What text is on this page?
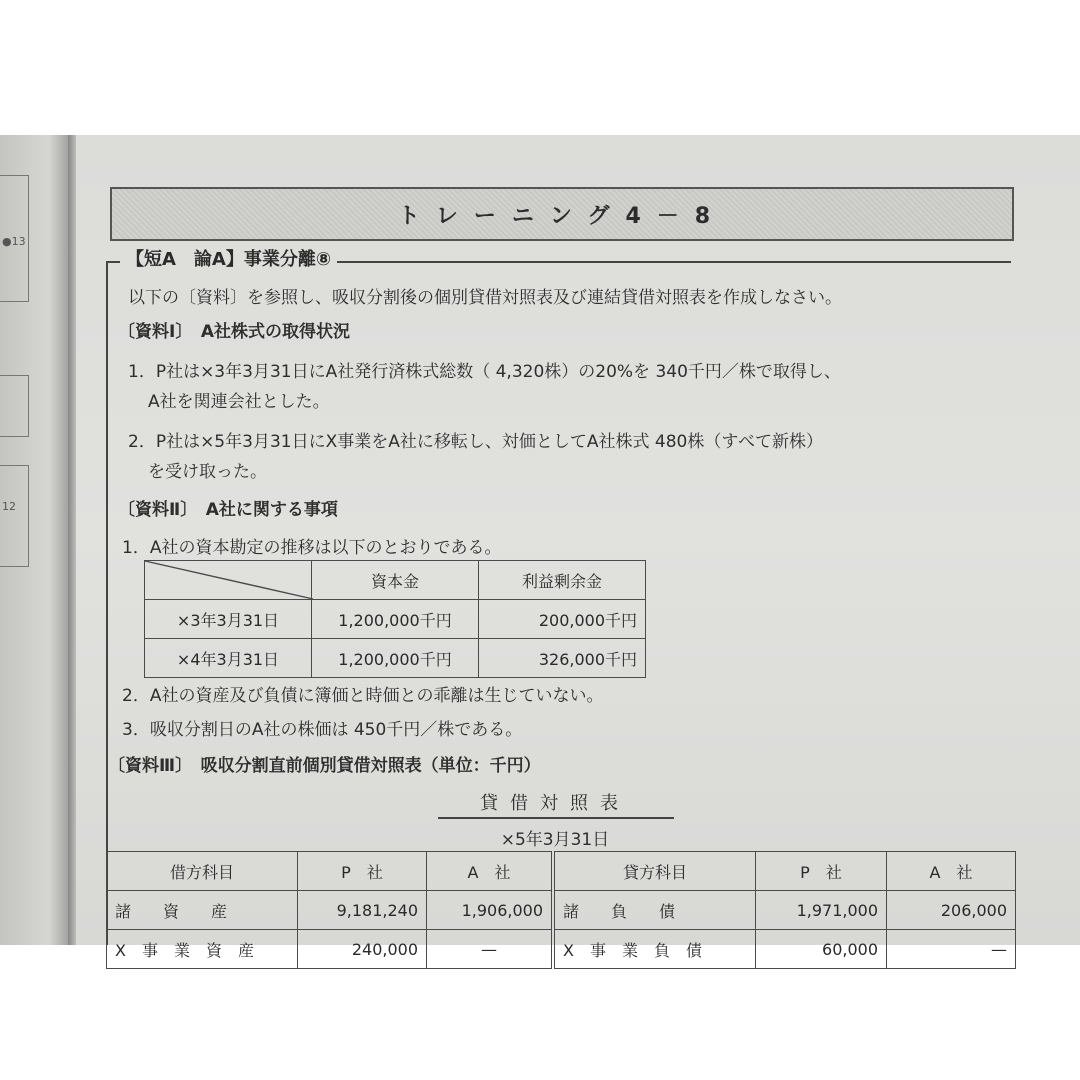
●13
12
トレーニング4－8
【短A　論A】事業分離⑧
以下の〔資料〕を参照し、吸収分割後の個別貸借対照表及び連結貸借対照表を作成しなさい。
〔資料Ⅰ〕　A社株式の取得状況
1．P社は×3年3月31日にA社発行済株式総数（ 4,320株）の20%を 340千円／株で取得し、
A社を関連会社とした。
2．P社は×5年3月31日にX事業をA社に移転し、対価としてA社株式 480株（すべて新株）
を受け取った。
〔資料Ⅱ〕　A社に関する事項
1．A社の資本勘定の推移は以下のとおりである。
	資本金	利益剰余金
×3年3月31日	1,200,000千円	200,000千円
×4年3月31日	1,200,000千円	326,000千円
2．A社の資産及び負債に簿価と時価との乖離は生じていない。
3．吸収分割日のA社の株価は 450千円／株である。
〔資料Ⅲ〕　吸収分割直前個別貸借対照表（単位：千円）
貸借対照表
×5年3月31日
借方科目	P　社	A　社	貸方科目	P　社	A　社
諸　　資　　産	9,181,240	1,906,000	諸　　負　　債	1,971,000	206,000
X　事　業　資　産	240,000	—	X　事　業　負　債	60,000	—
